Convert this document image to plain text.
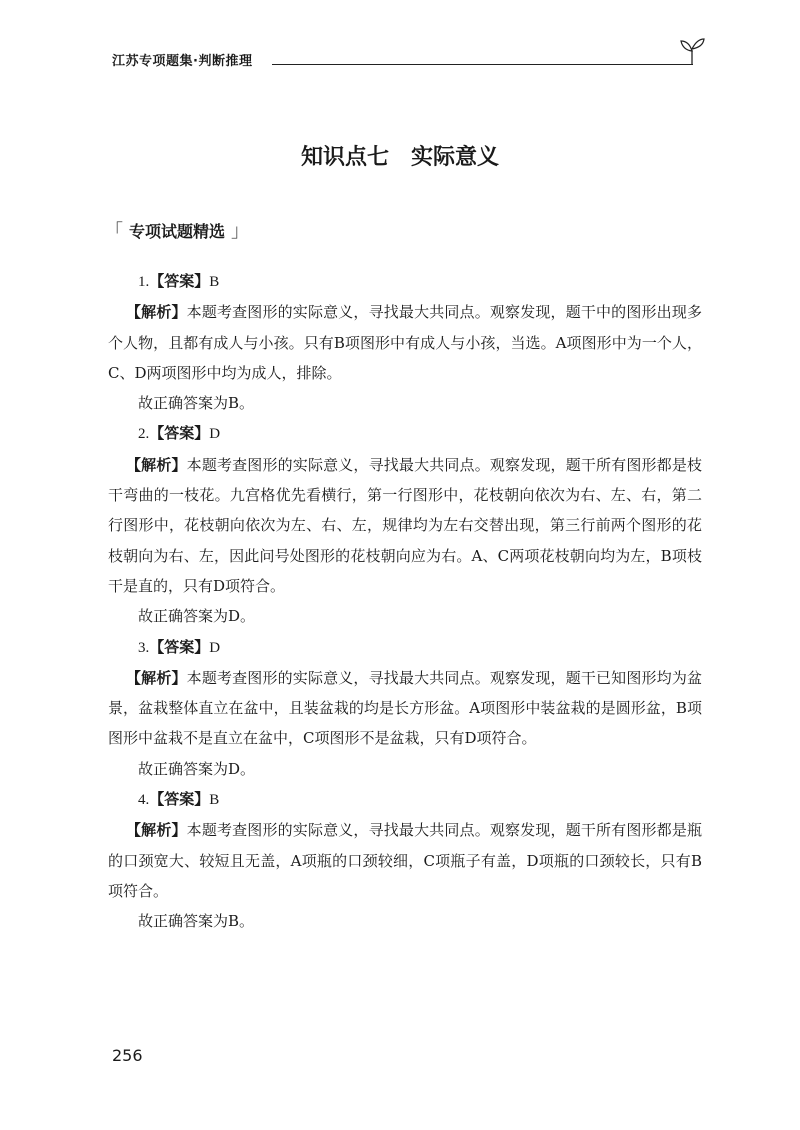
江苏专项题集·判断推理
知识点七　实际意义
「 专项试题精选 」

1.【答案】B

【解析】本题考查图形的实际意义，寻找最大共同点。观察发现，题干中的图形出现多个人物，且都有成人与小孩。只有B项图形中有成人与小孩，当选。A项图形中为一个人，C、D两项图形中均为成人，排除。

故正确答案为B。

2.【答案】D

【解析】本题考查图形的实际意义，寻找最大共同点。观察发现，题干所有图形都是枝干弯曲的一枝花。九宫格优先看横行，第一行图形中，花枝朝向依次为右、左、右，第二行图形中，花枝朝向依次为左、右、左，规律均为左右交替出现，第三行前两个图形的花枝朝向为右、左，因此问号处图形的花枝朝向应为右。A、C两项花枝朝向均为左，B项枝干是直的，只有D项符合。

故正确答案为D。

3.【答案】D

【解析】本题考查图形的实际意义，寻找最大共同点。观察发现，题干已知图形均为盆景，盆栽整体直立在盆中，且装盆栽的均是长方形盆。A项图形中装盆栽的是圆形盆，B项图形中盆栽不是直立在盆中，C项图形不是盆栽，只有D项符合。

故正确答案为D。

4.【答案】B

【解析】本题考查图形的实际意义，寻找最大共同点。观察发现，题干所有图形都是瓶的口颈宽大、较短且无盖，A项瓶的口颈较细，C项瓶子有盖，D项瓶的口颈较长，只有B项符合。

故正确答案为B。

256
